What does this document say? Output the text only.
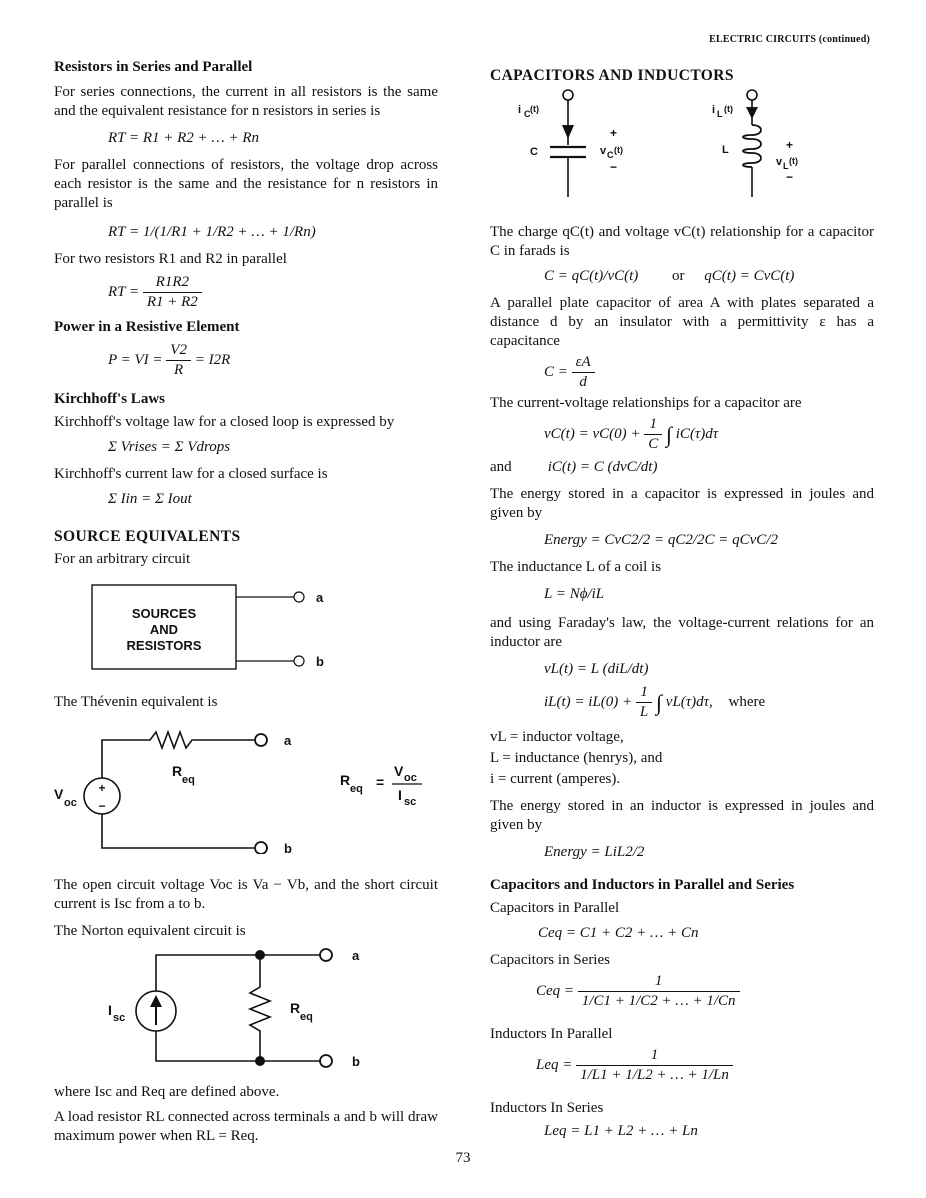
ELECTRIC CIRCUITS (continued)
Resistors in Series and Parallel

For series connections, the current in all resistors is the same and the equivalent resistance for n resistors in series is

RT = R1 + R2 + … + Rn

For parallel connections of resistors, the voltage drop across each resistor is the same and the resistance for n resistors in parallel is

RT = 1/(1/R1 + 1/R2 + … + 1/Rn)

For two resistors R1 and R2 in parallel

RT = $\frac{R1R2}{R1 + R2}$
Power in a Resistive Element
P = VI = $\frac{V2}{R} = I2R$
Kirchhoff's Laws

Kirchhoff's voltage law for a closed loop is expressed by

Σ Vrises = Σ Vdrops

Kirchhoff's current law for a closed surface is

Σ Iin = Σ Iout

SOURCE EQUIVALENTS

For an arbitrary circuit

SOURCES
AND
RESISTORS
a
b

The Thévenin equivalent is

a
+
−
b
V
oc
R
eq	R
eq =
V oc
I sc

The open circuit voltage Voc is Va − Vb, and the short circuit current is Isc from a to b.

The Norton equivalent circuit is

a
b
I sc
R
eq

where Isc and Req are defined above.

A load resistor RL connected across terminals a and b will draw maximum power when RL = Req.

CAPACITORS AND INDUCTORS
i C (t)
C
+
v C (t)
−
i L (t)
L	+
v L (t)
−

The charge qC(t) and voltage vC(t) relationship for a capacitor C in farads is

C = qC(t)/vC(t) or qC(t) = CvC(t)

A parallel plate capacitor of area A with plates separated a distance d by an insulator with a permittivity ε has a capacitance

$C = \frac{\varepsilon A}{d}$

The current-voltage relationships for a capacitor are

$vC(t) = vC(0) + \frac{1}{C}$ ∫ iC(τ)dτ

and iC(t) = C (dvC/dt)

The energy stored in a capacitor is expressed in joules and given by

Energy = CvC2/2 = qC2/2C = qCvC/2

The inductance L of a coil is

L = Nϕ/iL

and using Faraday's law, the voltage-current relations for an inductor are

vL(t) = L (diL/dt)

$iL(t) = iL(0) + \frac{1}{L}$ ∫ vL(τ)dτ, where

vL = inductor voltage,

L = inductance (henrys), and

i = current (amperes).

The energy stored in an inductor is expressed in joules and given by

Energy = LiL2/2

Capacitors and Inductors in Parallel and Series

Capacitors in Parallel

Ceq = C1 + C2 + … + Cn

Capacitors in Series

Ceq = $\frac{1}{1/C1 + 1/C2 + \dots + 1/Cn}$

Inductors In Parallel

Leq = $\frac{1}{1/L1 + 1/L2 + \dots + 1/Ln}$

Inductors In Series

Leq = L1 + L2 + … + Ln

73
